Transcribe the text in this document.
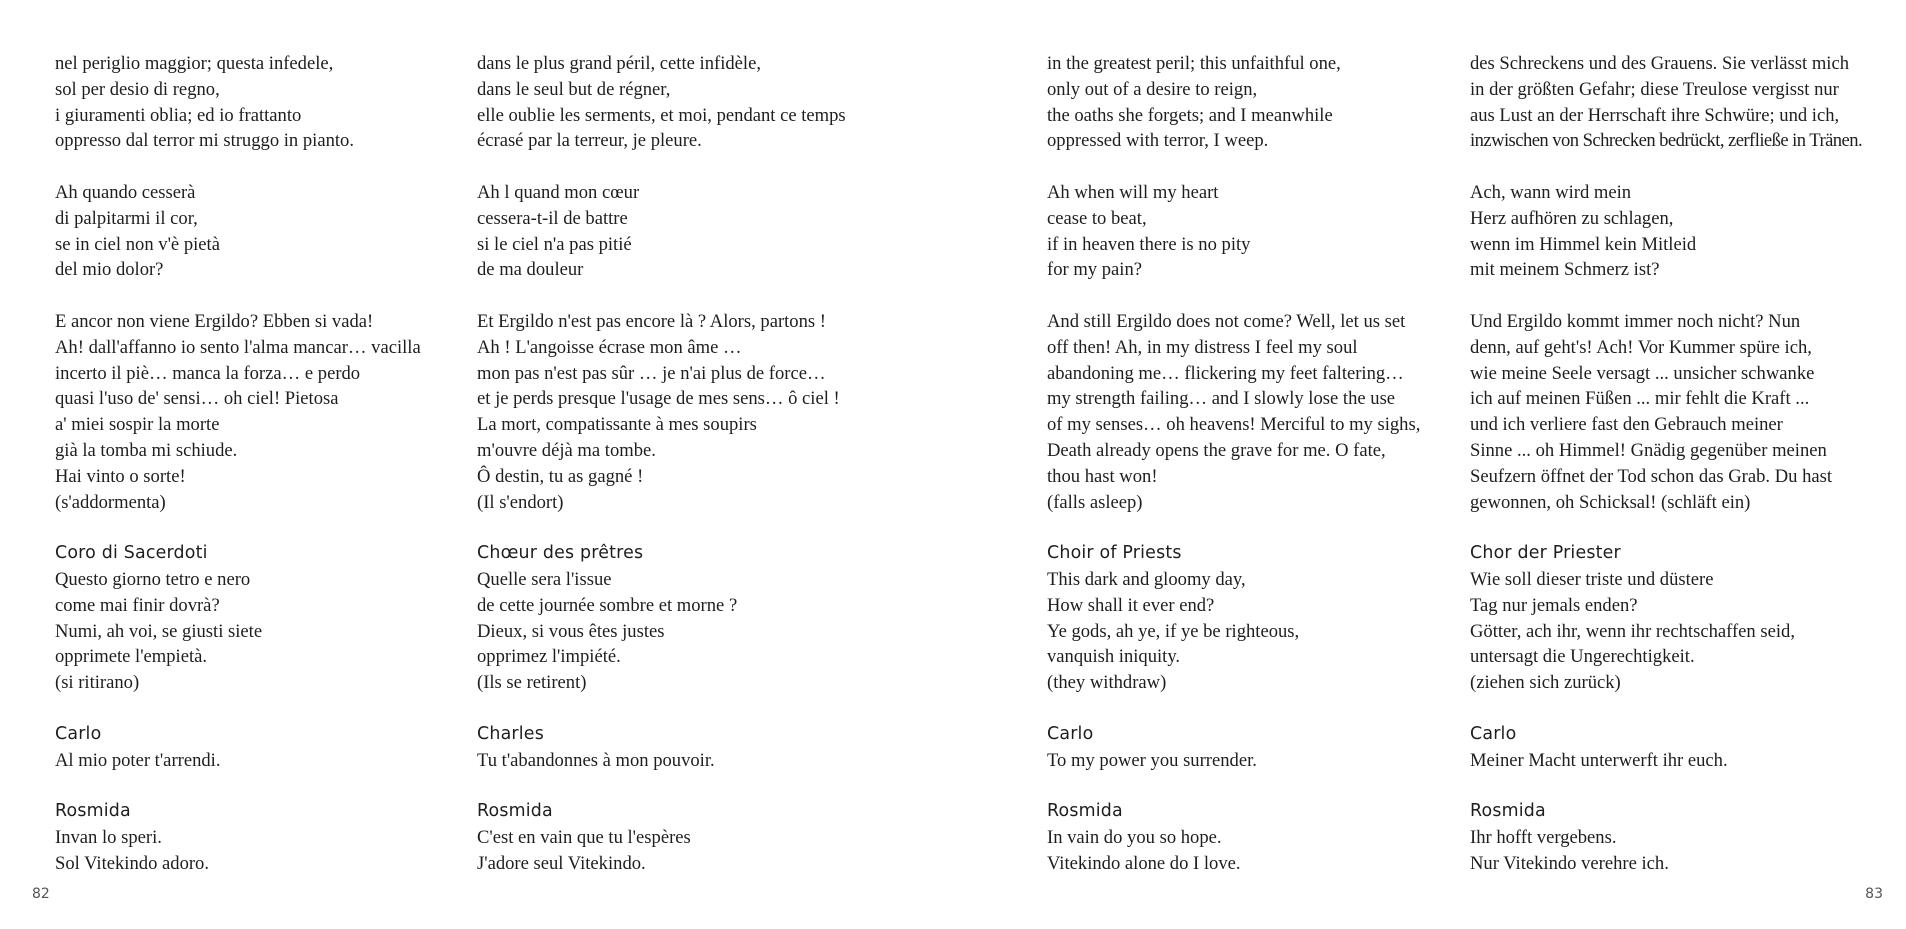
nel periglio maggior; questa infedele,
sol per desio di regno,
i giuramenti oblia; ed io frattanto
oppresso dal terror mi struggo in pianto.
Ah quando cesserà
di palpitarmi il cor,
se in ciel non v'è pietà
del mio dolor?
E ancor non viene Ergildo? Ebben si vada!
Ah! dall'affanno io sento l'alma mancar… vacilla
incerto il piè… manca la forza… e perdo
quasi l'uso de' sensi… oh ciel! Pietosa
a' miei sospir la morte
già la tomba mi schiude.
Hai vinto o sorte!
(s'addormenta)
Coro di Sacerdoti
Questo giorno tetro e nero
come mai finir dovrà?
Numi, ah voi, se giusti siete
opprimete l'empietà.
(si ritirano)
Carlo
Al mio poter t'arrendi.
Rosmida
Invan lo speri.
Sol Vitekindo adoro.
dans le plus grand péril, cette infidèle,
dans le seul but de régner,
elle oublie les serments, et moi, pendant ce temps
écrasé par la terreur, je pleure.
Ah l quand mon cœur
cessera-t-il de battre
si le ciel n'a pas pitié
de ma douleur
Et Ergildo n'est pas encore là ? Alors, partons !
Ah ! L'angoisse écrase mon âme …
mon pas n'est pas sûr … je n'ai plus de force…
et je perds presque l'usage de mes sens… ô ciel !
La mort, compatissante à mes soupirs
m'ouvre déjà ma tombe.
Ô destin, tu as gagné !
(Il s'endort)
Chœur des prêtres
Quelle sera l'issue
de cette journée sombre et morne ?
Dieux, si vous êtes justes
opprimez l'impiété.
(Ils se retirent)
Charles
Tu t'abandonnes à mon pouvoir.
Rosmida
C'est en vain que tu l'espères
J'adore seul Vitekindo.
in the greatest peril; this unfaithful one,
only out of a desire to reign,
the oaths she forgets; and I meanwhile
oppressed with terror, I weep.
Ah when will my heart
cease to beat,
if in heaven there is no pity
for my pain?
And still Ergildo does not come? Well, let us set
off then! Ah, in my distress I feel my soul
abandoning me… flickering my feet faltering…
my strength failing… and I slowly lose the use
of my senses… oh heavens! Merciful to my sighs,
Death already opens the grave for me. O fate,
thou hast won!
(falls asleep)
Choir of Priests
This dark and gloomy day,
How shall it ever end?
Ye gods, ah ye, if ye be righteous,
vanquish iniquity.
(they withdraw)
Carlo
To my power you surrender.
Rosmida
In vain do you so hope.
Vitekindo alone do I love.
des Schreckens und des Grauens. Sie verlässt mich
in der größten Gefahr; diese Treulose vergisst nur
aus Lust an der Herrschaft ihre Schwüre; und ich,
inzwischen von Schrecken bedrückt, zerfließe in Tränen.
Ach, wann wird mein
Herz aufhören zu schlagen,
wenn im Himmel kein Mitleid
mit meinem Schmerz ist?
Und Ergildo kommt immer noch nicht? Nun
denn, auf geht's! Ach! Vor Kummer spüre ich,
wie meine Seele versagt ... unsicher schwanke
ich auf meinen Füßen ... mir fehlt die Kraft ...
und ich verliere fast den Gebrauch meiner
Sinne ... oh Himmel! Gnädig gegenüber meinen
Seufzern öffnet der Tod schon das Grab. Du hast
gewonnen, oh Schicksal! (schläft ein)
Chor der Priester
Wie soll dieser triste und düstere
Tag nur jemals enden?
Götter, ach ihr, wenn ihr rechtschaffen seid,
untersagt die Ungerechtigkeit.
(ziehen sich zurück)
Carlo
Meiner Macht unterwerft ihr euch.
Rosmida
Ihr hofft vergebens.
Nur Vitekindo verehre ich.
82	83
